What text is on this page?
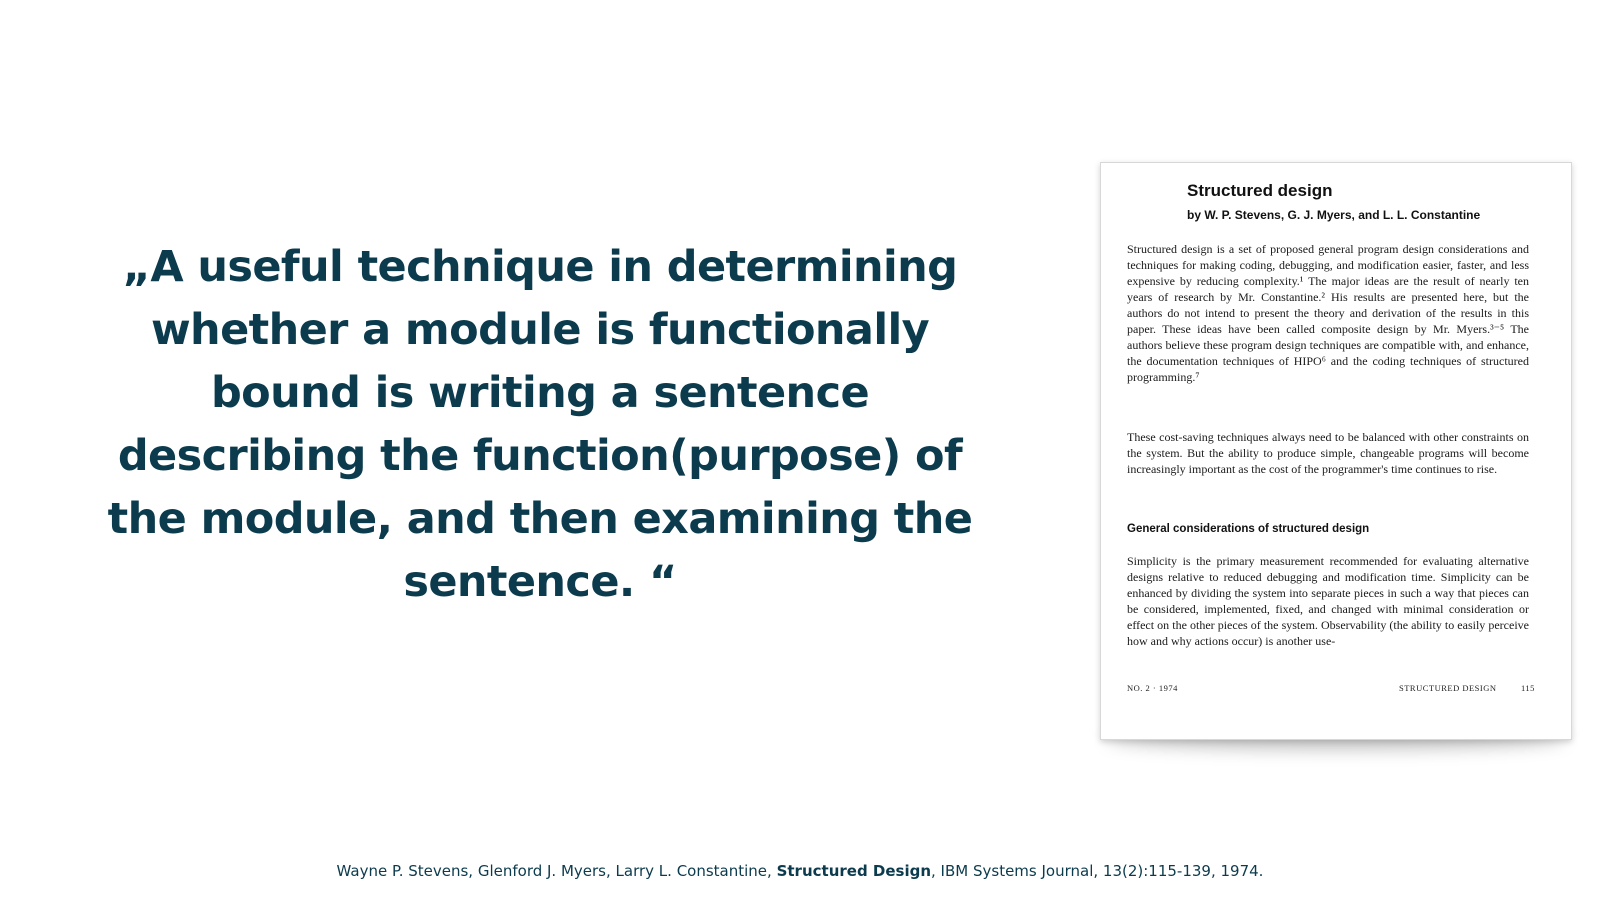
„A useful technique in determining whether a module is functionally bound is writing a sentence describing the function(purpose) of the module, and then examining the sentence. “
Structured design
by W. P. Stevens, G. J. Myers, and L. L. Constantine
Structured design is a set of proposed general program design considerations and techniques for making coding, debugging, and modification easier, faster, and less expensive by reducing complexity.¹ The major ideas are the result of nearly ten years of research by Mr. Constantine.² His results are presented here, but the authors do not intend to present the theory and derivation of the results in this paper. These ideas have been called composite design by Mr. Myers.³⁻⁵ The authors believe these program design techniques are compatible with, and enhance, the documentation techniques of HIPO⁶ and the coding techniques of structured programming.⁷
These cost-saving techniques always need to be balanced with other constraints on the system. But the ability to produce simple, changeable programs will become increasingly important as the cost of the programmer's time continues to rise.
General considerations of structured design
Simplicity is the primary measurement recommended for evaluating alternative designs relative to reduced debugging and modification time. Simplicity can be enhanced by dividing the system into separate pieces in such a way that pieces can be considered, implemented, fixed, and changed with minimal consideration or effect on the other pieces of the system. Observability (the ability to easily perceive how and why actions occur) is another use-
NO. 2 · 1974	STRUCTURED DESIGN	115
Wayne P. Stevens, Glenford J. Myers, Larry L. Constantine, Structured Design, IBM Systems Journal, 13(2):115-139, 1974.
